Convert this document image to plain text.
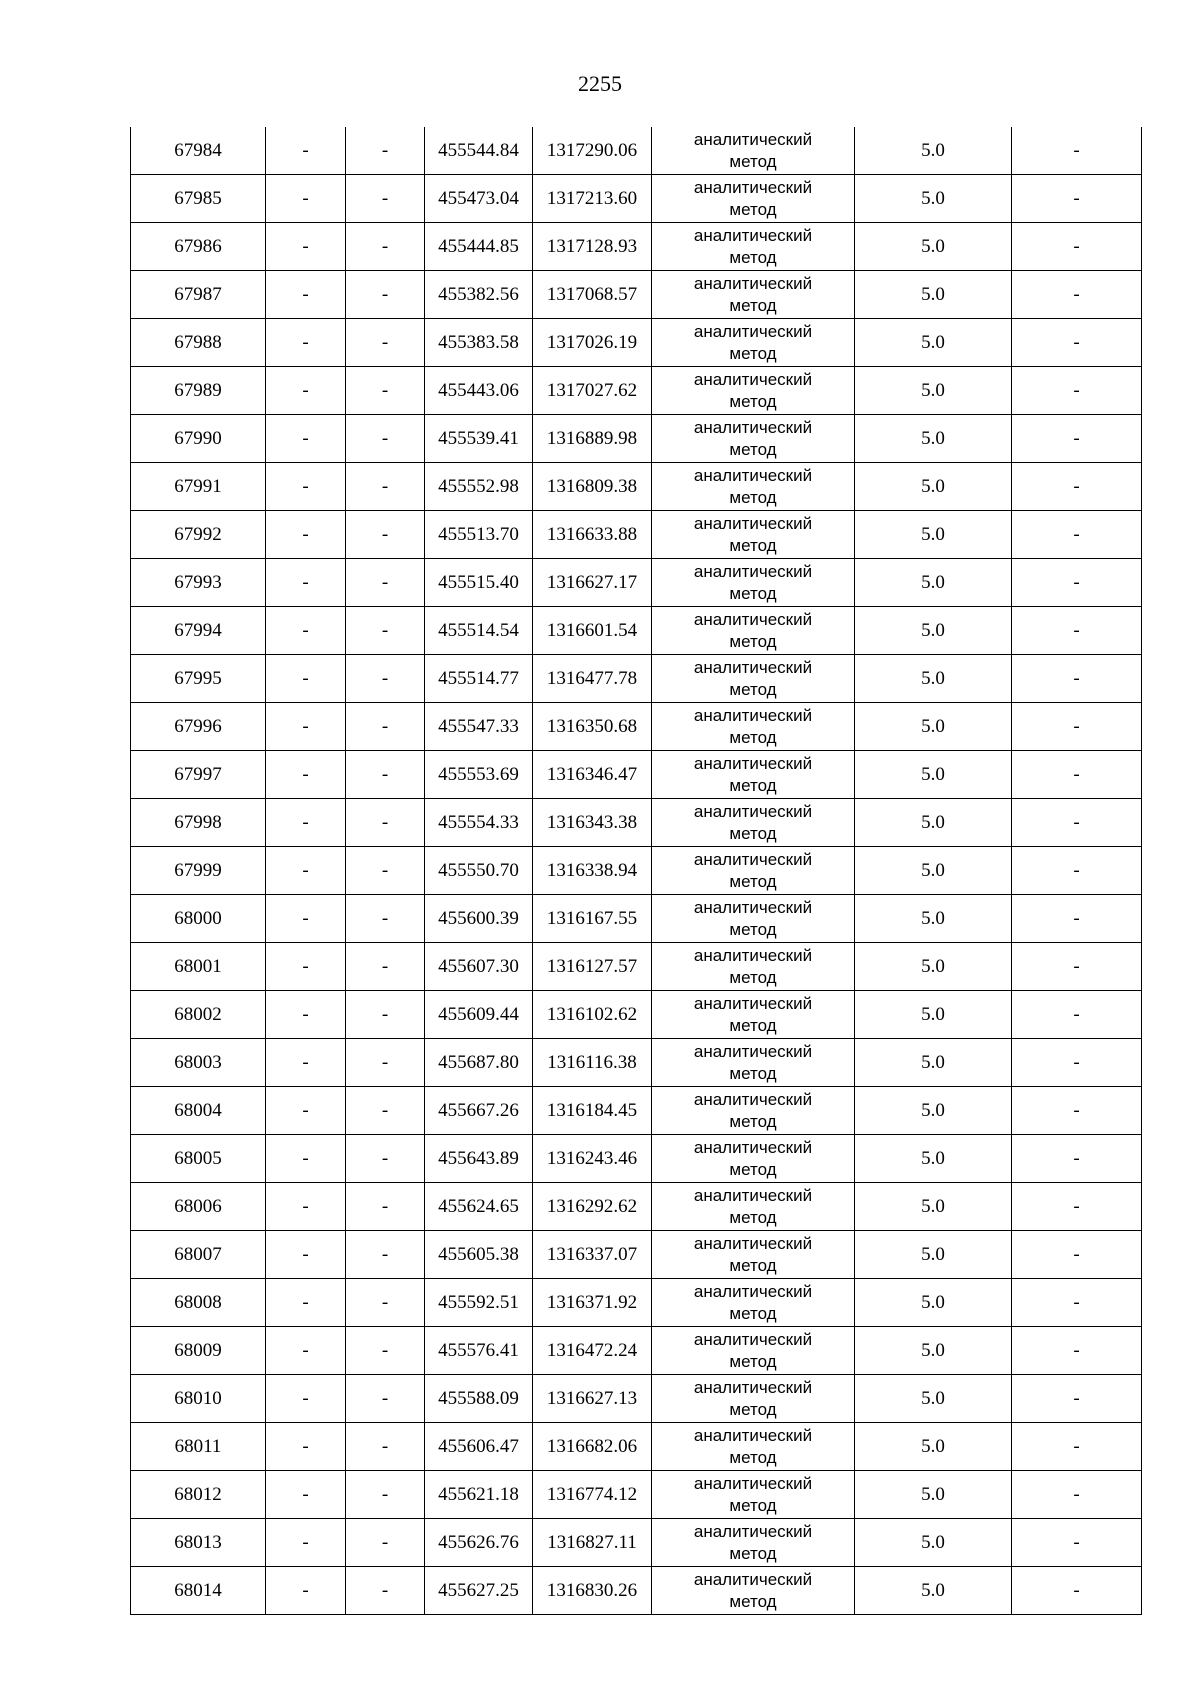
2255
67984	-	-	455544.84	1317290.06	аналитический
метод	5.0	-
67985	-	-	455473.04	1317213.60	аналитический
метод	5.0	-
67986	-	-	455444.85	1317128.93	аналитический
метод	5.0	-
67987	-	-	455382.56	1317068.57	аналитический
метод	5.0	-
67988	-	-	455383.58	1317026.19	аналитический
метод	5.0	-
67989	-	-	455443.06	1317027.62	аналитический
метод	5.0	-
67990	-	-	455539.41	1316889.98	аналитический
метод	5.0	-
67991	-	-	455552.98	1316809.38	аналитический
метод	5.0	-
67992	-	-	455513.70	1316633.88	аналитический
метод	5.0	-
67993	-	-	455515.40	1316627.17	аналитический
метод	5.0	-
67994	-	-	455514.54	1316601.54	аналитический
метод	5.0	-
67995	-	-	455514.77	1316477.78	аналитический
метод	5.0	-
67996	-	-	455547.33	1316350.68	аналитический
метод	5.0	-
67997	-	-	455553.69	1316346.47	аналитический
метод	5.0	-
67998	-	-	455554.33	1316343.38	аналитический
метод	5.0	-
67999	-	-	455550.70	1316338.94	аналитический
метод	5.0	-
68000	-	-	455600.39	1316167.55	аналитический
метод	5.0	-
68001	-	-	455607.30	1316127.57	аналитический
метод	5.0	-
68002	-	-	455609.44	1316102.62	аналитический
метод	5.0	-
68003	-	-	455687.80	1316116.38	аналитический
метод	5.0	-
68004	-	-	455667.26	1316184.45	аналитический
метод	5.0	-
68005	-	-	455643.89	1316243.46	аналитический
метод	5.0	-
68006	-	-	455624.65	1316292.62	аналитический
метод	5.0	-
68007	-	-	455605.38	1316337.07	аналитический
метод	5.0	-
68008	-	-	455592.51	1316371.92	аналитический
метод	5.0	-
68009	-	-	455576.41	1316472.24	аналитический
метод	5.0	-
68010	-	-	455588.09	1316627.13	аналитический
метод	5.0	-
68011	-	-	455606.47	1316682.06	аналитический
метод	5.0	-
68012	-	-	455621.18	1316774.12	аналитический
метод	5.0	-
68013	-	-	455626.76	1316827.11	аналитический
метод	5.0	-
68014	-	-	455627.25	1316830.26	аналитический
метод	5.0	-
